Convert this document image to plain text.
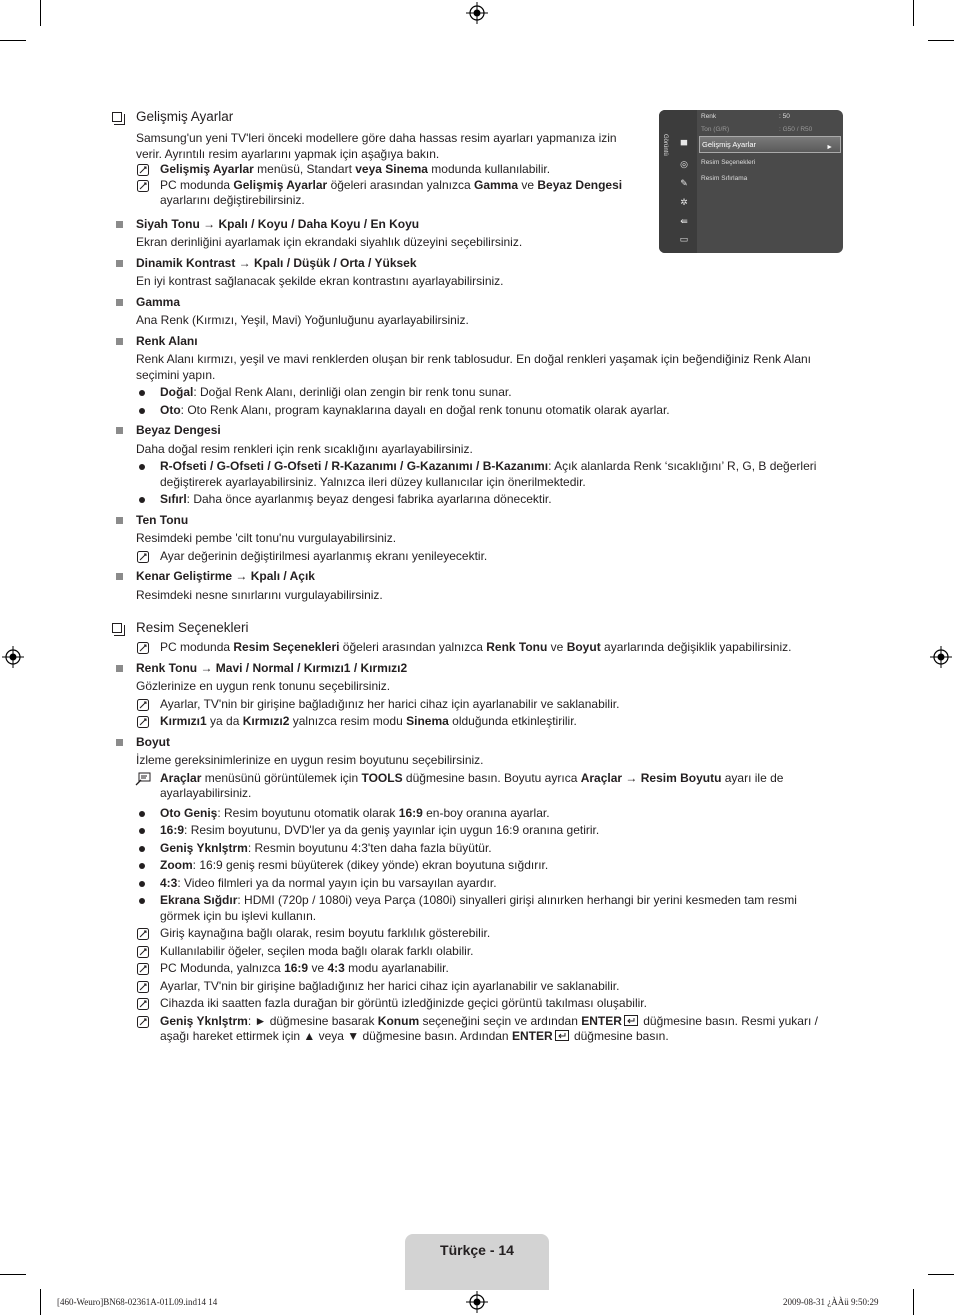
Görüntü	▀
◎
✎
✲
⇚
▭
Renk	: 50
Ton (G/R)	: G50 / R50
Gelişmiş Ayarlar	►
Resim Seçenekleri
Resim Sıfırlama
Gelişmiş Ayarlar
Samsung'un yeni TV'leri önceki modellere göre daha hassas resim ayarları yapmanıza izin verir. Ayrıntılı resim ayarlarını yapmak için aşağıya bakın.
Gelişmiş Ayarlar menüsü, Standart veya Sinema modunda kullanılabilir.
PC modunda Gelişmiş Ayarlar öğeleri arasından yalnızca Gamma ve Beyaz Dengesi ayarlarını değiştirebilirsiniz.
Siyah Tonu → Kpalı / Koyu / Daha Koyu / En Koyu
Ekran derinliğini ayarlamak için ekrandaki siyahlık düzeyini seçebilirsiniz.
Dinamik Kontrast → Kpalı / Düşük / Orta / Yüksek
En iyi kontrast sağlanacak şekilde ekran kontrastını ayarlayabilirsiniz.
Gamma
Ana Renk (Kırmızı, Yeşil, Mavi) Yoğunluğunu ayarlayabilirsiniz.
Renk Alanı
Renk Alanı kırmızı, yeşil ve mavi renklerden oluşan bir renk tablosudur. En doğal renkleri yaşamak için beğendiğiniz Renk Alanı seçimini yapın.
Doğal: Doğal Renk Alanı, derinliği olan zengin bir renk tonu sunar.
Oto: Oto Renk Alanı, program kaynaklarına dayalı en doğal renk tonunu otomatik olarak ayarlar.
Beyaz Dengesi
Daha doğal resim renkleri için renk sıcaklığını ayarlayabilirsiniz.
R-Ofseti / G-Ofseti / G-Ofseti / R-Kazanımı / G-Kazanımı / B-Kazanımı: Açık alanlarda Renk ‘sıcaklığını’ R, G, B değerleri değiştirerek ayarlayabilirsiniz. Yalnızca ileri düzey kullanıcılar için önerilmektedir.
Sıfırl: Daha önce ayarlanmış beyaz dengesi fabrika ayarlarına dönecektir.
Ten Tonu
Resimdeki pembe 'cilt tonu'nu vurgulayabilirsiniz.
Ayar değerinin değiştirilmesi ayarlanmış ekranı yenileyecektir.
Kenar Geliştirme → Kpalı / Açık
Resimdeki nesne sınırlarını vurgulayabilirsiniz.
Resim Seçenekleri
PC modunda Resim Seçenekleri öğeleri arasından yalnızca Renk Tonu ve Boyut ayarlarında değişiklik yapabilirsiniz.
Renk Tonu → Mavi / Normal / Kırmızı1 / Kırmızı2
Gözlerinize en uygun renk tonunu seçebilirsiniz.
Ayarlar, TV'nin bir girişine bağladığınız her harici cihaz için ayarlanabilir ve saklanabilir.
Kırmızı1 ya da Kırmızı2 yalnızca resim modu Sinema olduğunda etkinleştirilir.
Boyut
İzleme gereksinimlerinize en uygun resim boyutunu seçebilirsiniz.
Araçlar menüsünü görüntülemek için TOOLS düğmesine basın. Boyutu ayrıca Araçlar → Resim Boyutu ayarı ile de ayarlayabilirsiniz.
Oto Geniş: Resim boyutunu otomatik olarak 16:9 en-boy oranına ayarlar.
16:9: Resim boyutunu, DVD'ler ya da geniş yayınlar için uygun 16:9 oranına getirir.
Geniş Yknlştrm: Resmin boyutunu 4:3'ten daha fazla büyütür.
Zoom: 16:9 geniş resmi büyüterek (dikey yönde) ekran boyutuna sığdırır.
4:3: Video filmleri ya da normal yayın için bu varsayılan ayardır.
Ekrana Sığdır: HDMI (720p / 1080i) veya Parça (1080i) sinyalleri girişi alınırken herhangi bir yerini kesmeden tam resmi görmek için bu işlevi kullanın.
Giriş kaynağına bağlı olarak, resim boyutu farklılık gösterebilir.
Kullanılabilir öğeler, seçilen moda bağlı olarak farklı olabilir.
PC Modunda, yalnızca 16:9 ve 4:3 modu ayarlanabilir.
Ayarlar, TV'nin bir girişine bağladığınız her harici cihaz için ayarlanabilir ve saklanabilir.
Cihazda iki saatten fazla durağan bir görüntü izledğinizde geçici görüntü takılması oluşabilir.
Geniş Yknlştrm: ► düğmesine basarak Konum seçeneğini seçin ve ardından ENTER düğmesine basın. Resmi yukarı / aşağı hareket ettirmek için ▲ veya ▼ düğmesine basın. Ardından ENTER düğmesine basın.
Türkçe - 14
[460-Weuro]BN68-02361A-01L09.ind14 14	2009-08-31 ¿ÀÀü 9:50:29
